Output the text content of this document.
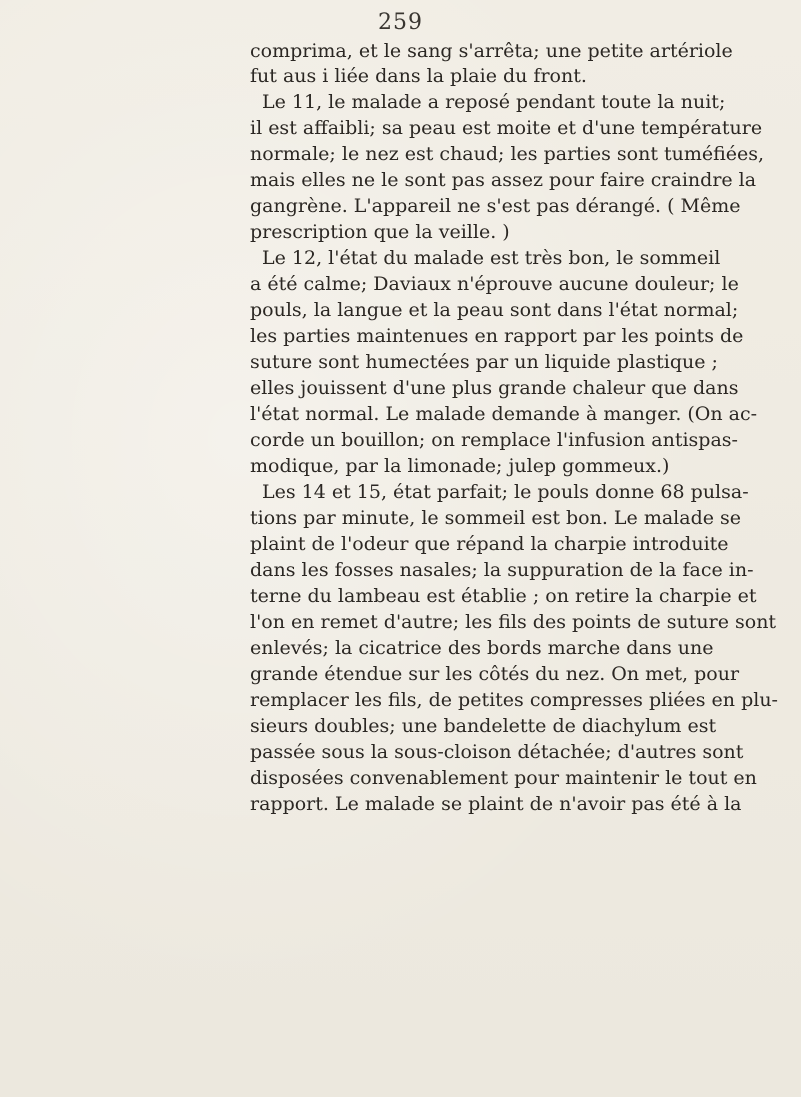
259
comprima, et le sang s'arrêta; une petite artériole
fut aus i liée dans la plaie du front.
Le 11, le malade a reposé pendant toute la nuit;
il est affaibli; sa peau est moite et d'une température
normale; le nez est chaud; les parties sont tuméfiées,
mais elles ne le sont pas assez pour faire craindre la
gangrène. L'appareil ne s'est pas dérangé. ( Même
prescription que la veille. )
Le 12, l'état du malade est très bon, le sommeil
a été calme; Daviaux n'éprouve aucune douleur; le
pouls, la langue et la peau sont dans l'état normal;
les parties maintenues en rapport par les points de
suture sont humectées par un liquide plastique ;
elles jouissent d'une plus grande chaleur que dans
l'état normal. Le malade demande à manger. (On ac-
corde un bouillon; on remplace l'infusion antispas-
modique, par la limonade; julep gommeux.)
Les 14 et 15, état parfait; le pouls donne 68 pulsa-
tions par minute, le sommeil est bon. Le malade se
plaint de l'odeur que répand la charpie introduite
dans les fosses nasales; la suppuration de la face in-
terne du lambeau est établie ; on retire la charpie et
l'on en remet d'autre; les fils des points de suture sont
enlevés; la cicatrice des bords marche dans une
grande étendue sur les côtés du nez. On met, pour
remplacer les fils, de petites compresses pliées en plu-
sieurs doubles; une bandelette de diachylum est
passée sous la sous-cloison détachée; d'autres sont
disposées convenablement pour maintenir le tout en
rapport. Le malade se plaint de n'avoir pas été à la
